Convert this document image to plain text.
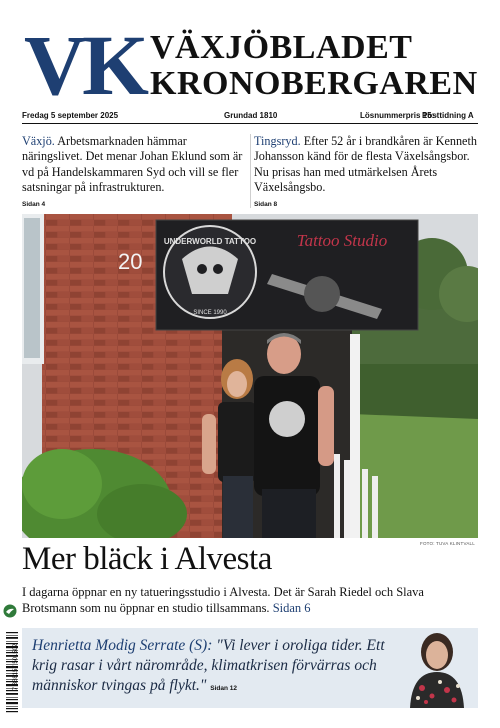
VK VÄXJÖBLADET
KRONOBERGAREN
Fredag 5 september 2025	Grundad 1810	Lösnummerpris 15:-
Posttidning A
Växjö. Arbetsmarknaden hämmar näringslivet. Det menar Johan Eklund som är vd på Handelskammaren Syd och vill se fler satsningar på infrastrukturen.
Sidan 4
Tingsryd. Efter 52 år i brandkåren är Kenneth Johansson känd för de flesta Växelsångsbor. Nu prisas han med utmärkelsen Årets Växelsångsbo.
Sidan 8
20
UNDERWORLD TATTOO
SINCE 1990
Tattoo Studio
FOTO: TUVA KLINTVALL
Mer bläck i Alvesta
I dagarna öppnar en ny tatueringsstudio i Alvesta. Det är Sarah Riedel och Slava Brotsmann som nu öppnar en studio tillsammans. Sidan 6
7 388157 501502 Henrietta Modig Serrate (S): "Vi lever i oroliga tider. Ett krig rasar i vårt närområde, klimatkrisen förvärras och människor tvingas på flykt." Sidan 12
